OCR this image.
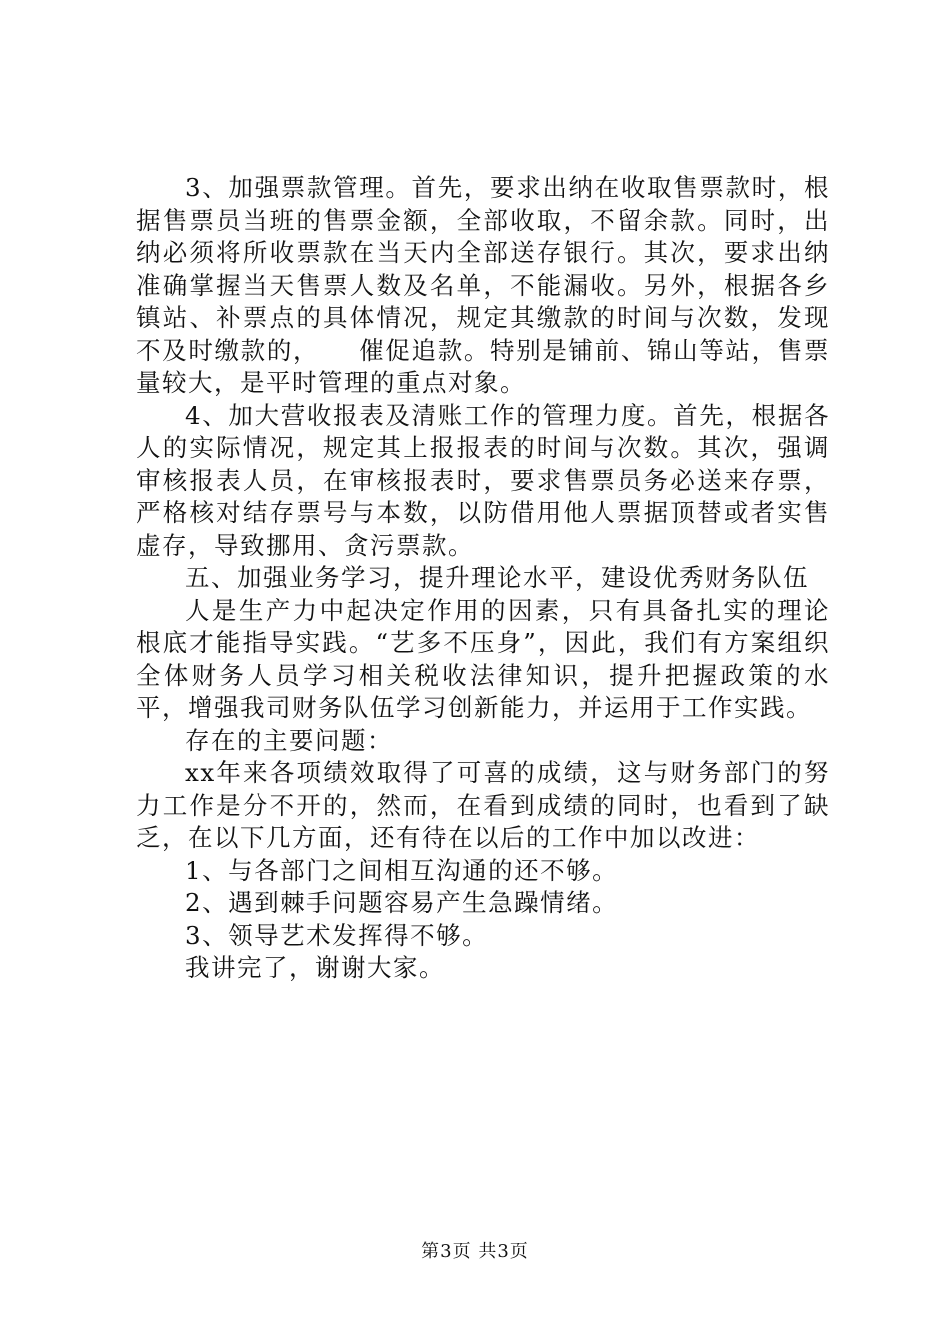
3、加强票款管理。首先，要求出纳在收取售票款时，根据售票员当班的售票金额，全部收取，不留余款。同时，出纳必须将所收票款在当天内全部送存银行。其次，要求出纳准确掌握当天售票人数及名单，不能漏收。另外，根据各乡镇站、补票点的具体情况，规定其缴款的时间与次数，发现不及时缴款的，　　催促追款。特别是铺前、锦山等站，售票量较大，是平时管理的重点对象。

4、加大营收报表及清账工作的管理力度。首先，根据各人的实际情况，规定其上报报表的时间与次数。其次，强调审核报表人员，在审核报表时，要求售票员务必送来存票，严格核对结存票号与本数，以防借用他人票据顶替或者实售虚存，导致挪用、贪污票款。

五、加强业务学习，提升理论水平，建设优秀财务队伍

人是生产力中起决定作用的因素，只有具备扎实的理论根底才能指导实践。“艺多不压身”，因此，我们有方案组织全体财务人员学习相关税收法律知识，提升把握政策的水平，增强我司财务队伍学习创新能力，并运用于工作实践。

存在的主要问题：

xx年来各项绩效取得了可喜的成绩，这与财务部门的努力工作是分不开的，然而，在看到成绩的同时，也看到了缺乏，在以下几方面，还有待在以后的工作中加以改进：

1、与各部门之间相互沟通的还不够。

2、遇到棘手问题容易产生急躁情绪。

3、领导艺术发挥得不够。

我讲完了，谢谢大家。

第3页 共3页
